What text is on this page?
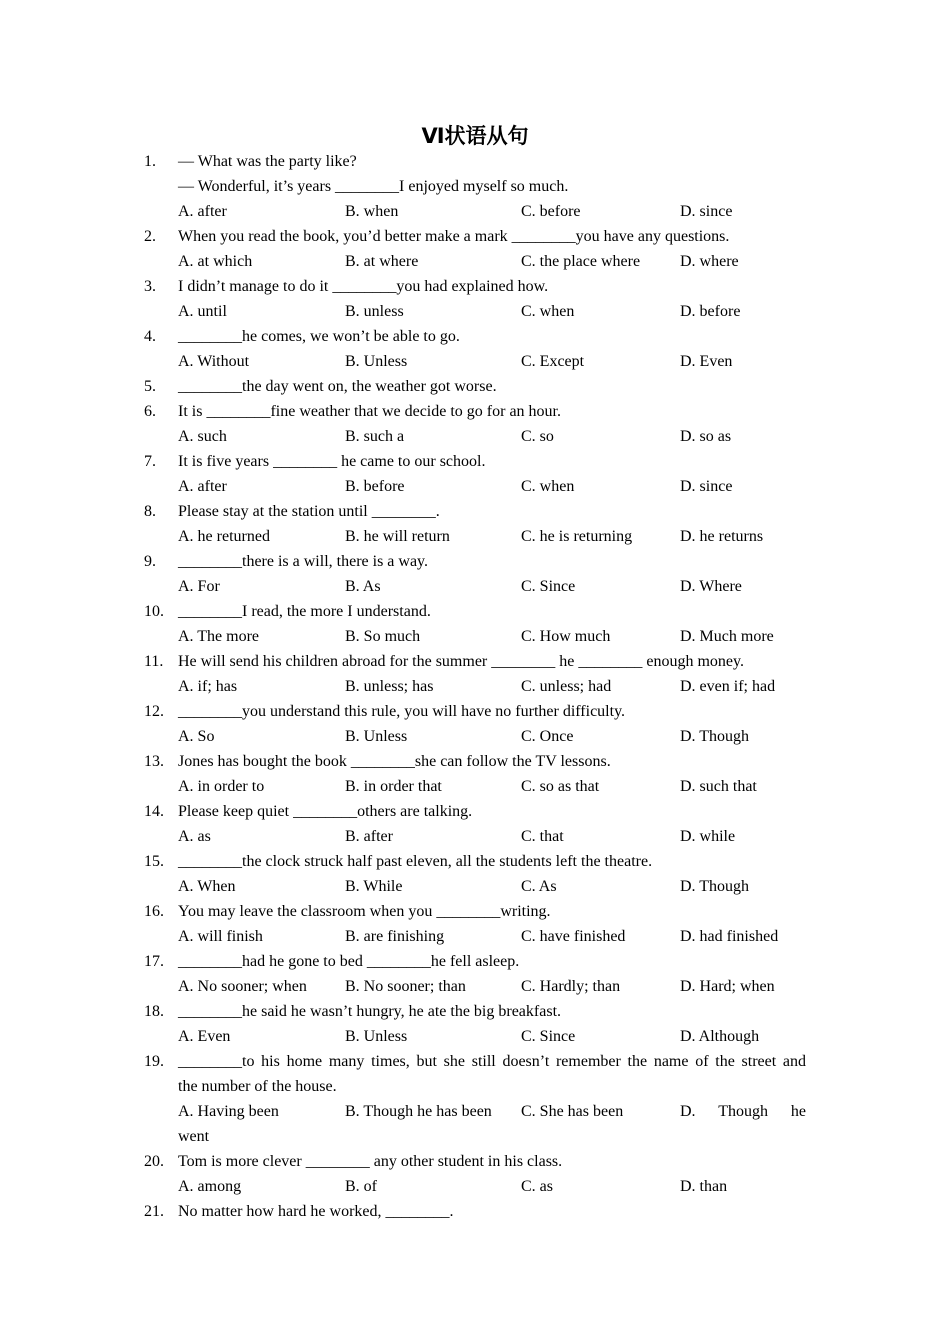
Ⅵ状语从句
1. — What was the party like?
— Wonderful, it’s years ________I enjoyed myself so much.
A. after	B. when	C. before	D. since
2. When you read the book, you’d better make a mark ________you have any questions.
A. at which	B. at where	C. the place where D. where
3. I didn’t manage to do it ________you had explained how.
A. until	B. unless	C. when	D. before
4. ________he comes, we won’t be able to go.
A. Without	B. Unless	C. Except	D. Even
5. ________the day went on, the weather got worse.
6. It is ________fine weather that we decide to go for an hour.
A. such	B. such a	C. so	D. so as
7. It is five years ________ he came to our school.
A. after	B. before	C. when	D. since
8. Please stay at the station until ________.
A. he returned	B. he will return	C. he is returning	D. he returns
9. ________there is a will, there is a way.
A. For	B. As	C. Since	D. Where
10. ________I read, the more I understand.
A. The more	B. So much	C. How much	D. Much more
11. He will send his children abroad for the summer ________ he ________ enough money.
A. if; has	B. unless; has	C. unless; had	D. even if; had
12. ________you understand this rule, you will have no further difficulty.
A. So	B. Unless	C. Once	D. Though
13. Jones has bought the book ________she can follow the TV lessons.
A. in order to	B. in order that	C. so as that	D. such that
14. Please keep quiet ________others are talking.
A. as	B. after	C. that	D. while
15. ________the clock struck half past eleven, all the students left the theatre.
A. When	B. While	C. As	D. Though
16. You may leave the classroom when you ________writing.
A. will finish	B. are finishing	C. have finished	D. had finished
17. ________had he gone to bed ________he fell asleep.
A. No sooner; when B. No sooner; than	C. Hardly; than	D. Hard; when
18. ________he said he wasn’t hungry, he ate the big breakfast.
A. Even	B. Unless	C. Since	D. Although
19. ________to his home many times, but she still doesn’t remember the name of the street and
the number of the house.
A. Having been	B. Though he has been C. She has been	D. Though he
went
20. Tom is more clever ________ any other student in his class.
A. among	B. of	C. as	D. than
21. No matter how hard he worked, ________.
